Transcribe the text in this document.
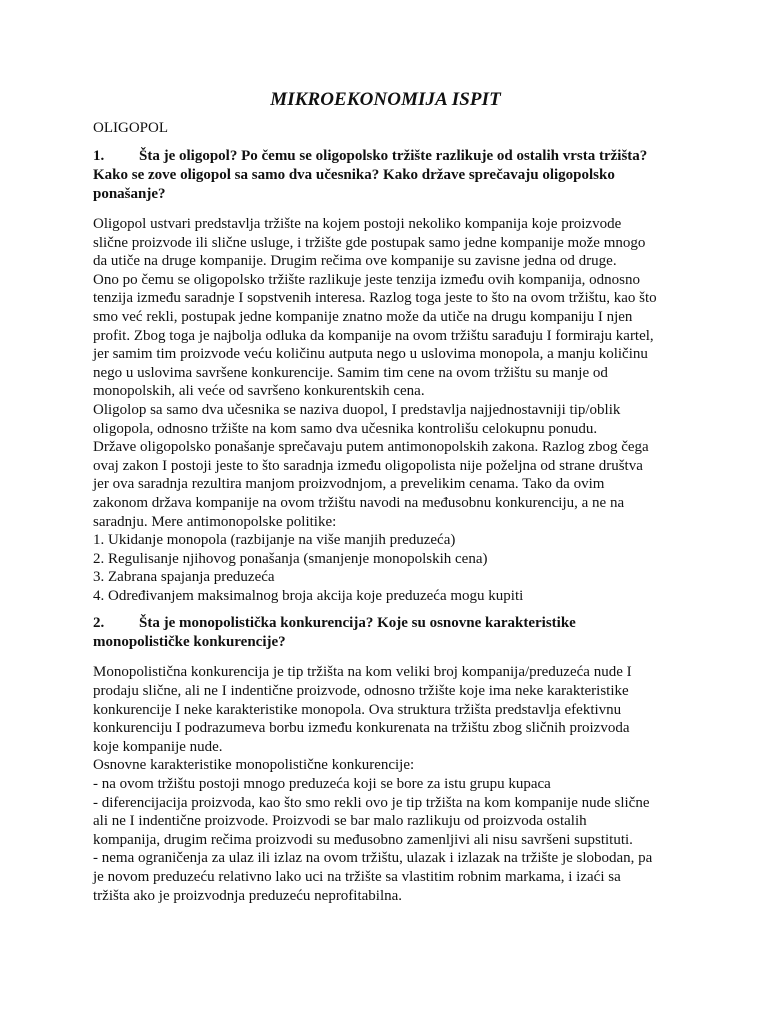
MIKROEKONOMIJA ISPIT
OLIGOPOL
1. Šta je oligopol? Po čemu se oligopolsko tržište razlikuje od ostalih vrsta tržišta?
Kako se zove oligopol sa samo dva učesnika? Kako države sprečavaju oligopolsko
ponašanje?
Oligopol ustvari predstavlja tržište na kojem postoji nekoliko kompanija koje proizvode
slične proizvode ili slične usluge, i tržište gde postupak samo jedne kompanije može mnogo
da utiče na druge kompanije. Drugim rečima ove kompanije su zavisne jedna od druge.
Ono po čemu se oligopolsko tržište razlikuje jeste tenzija između ovih kompanija, odnosno
tenzija između saradnje I sopstvenih interesa. Razlog toga jeste to što na ovom tržištu, kao što
smo već rekli, postupak jedne kompanije znatno može da utiče na drugu kompaniju I njen
profit. Zbog toga je najbolja odluka da kompanije na ovom tržištu sarađuju I formiraju kartel,
jer samim tim proizvode veću količinu autputa nego u uslovima monopola, a manju količinu
nego u uslovima savršene konkurencije. Samim tim cene na ovom tržištu su manje od
monopolskih, ali veće od savršeno konkurentskih cena.
Oligolop sa samo dva učesnika se naziva duopol, I predstavlja najjednostavniji tip/oblik
oligopola, odnosno tržište na kom samo dva učesnika kontrolišu celokupnu ponudu.
Države oligopolsko ponašanje sprečavaju putem antimonopolskih zakona. Razlog zbog čega
ovaj zakon I postoji jeste to što saradnja između oligopolista nije poželjna od strane društva
jer ova saradnja rezultira manjom proizvodnjom, a prevelikim cenama. Tako da ovim
zakonom država kompanije na ovom tržištu navodi na međusobnu konkurenciju, a ne na
saradnju. Mere antimonopolske politike:
1. Ukidanje monopola (razbijanje na više manjih preduzeća)
2. Regulisanje njihovog ponašanja (smanjenje monopolskih cena)
3. Zabrana spajanja preduzeća
4. Određivanjem maksimalnog broja akcija koje preduzeća mogu kupiti
2. Šta je monopolistička konkurencija? Koje su osnovne karakteristike
monopolističke konkurencije?
Monopolistična konkurencija je tip tržišta na kom veliki broj kompanija/preduzeća nude I
prodaju slične, ali ne I indentične proizvode, odnosno tržište koje ima neke karakteristike
konkurencije I neke karakteristike monopola. Ova struktura tržišta predstavlja efektivnu
konkurenciju I podrazumeva borbu između konkurenata na tržištu zbog sličnih proizvoda
koje kompanije nude.
Osnovne karakteristike monopolistične konkurencije:
- na ovom tržištu postoji mnogo preduzeća koji se bore za istu grupu kupaca
- diferencijacija proizvoda, kao što smo rekli ovo je tip tržišta na kom kompanije nude slične
ali ne I indentične proizvode. Proizvodi se bar malo razlikuju od proizvoda ostalih
kompanija, drugim rečima proizvodi su međusobno zamenljivi ali nisu savršeni supstituti.
- nema ograničenja za ulaz ili izlaz na ovom tržištu, ulazak i izlazak na tržište je slobodan, pa
je novom preduzeću relativno lako uci na tržište sa vlastitim robnim markama, i izaći sa
tržišta ako je proizvodnja preduzeću neprofitabilna.
